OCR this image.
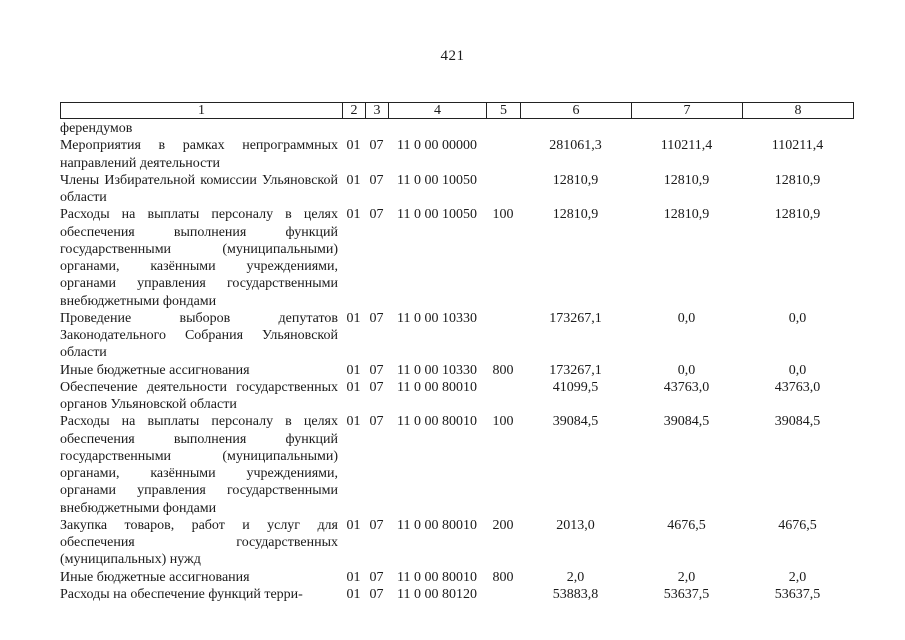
421
1	2	3	4	5	6	7	8
ферендумов							
Мероприятия в рамках непрограммных направлений деятельности	01	07	11 0 00 00000		281061,3	110211,4	110211,4
Члены Избирательной комиссии Ульяновской области	01	07	11 0 00 10050		12810,9	12810,9	12810,9
Расходы на выплаты персоналу в целях обеспечения выполнения функций государственными (муниципальными) органами, казёнными учреждениями, органами управления государственными внебюджетными фондами	01	07	11 0 00 10050	100	12810,9	12810,9	12810,9
Проведение выборов депутатов Законодательного Собрания Ульяновской области	01	07	11 0 00 10330		173267,1	0,0	0,0
Иные бюджетные ассигнования	01	07	11 0 00 10330	800	173267,1	0,0	0,0
Обеспечение деятельности государственных органов Ульяновской области	01	07	11 0 00 80010		41099,5	43763,0	43763,0
Расходы на выплаты персоналу в целях обеспечения выполнения функций государственными (муниципальными) органами, казёнными учреждениями, органами управления государственными внебюджетными фондами	01	07	11 0 00 80010	100	39084,5	39084,5	39084,5
Закупка товаров, работ и услуг для обеспечения государственных (муниципальных) нужд	01	07	11 0 00 80010	200	2013,0	4676,5	4676,5
Иные бюджетные ассигнования	01	07	11 0 00 80010	800	2,0	2,0	2,0
Расходы на обеспечение функций терри-	01	07	11 0 00 80120		53883,8	53637,5	53637,5
